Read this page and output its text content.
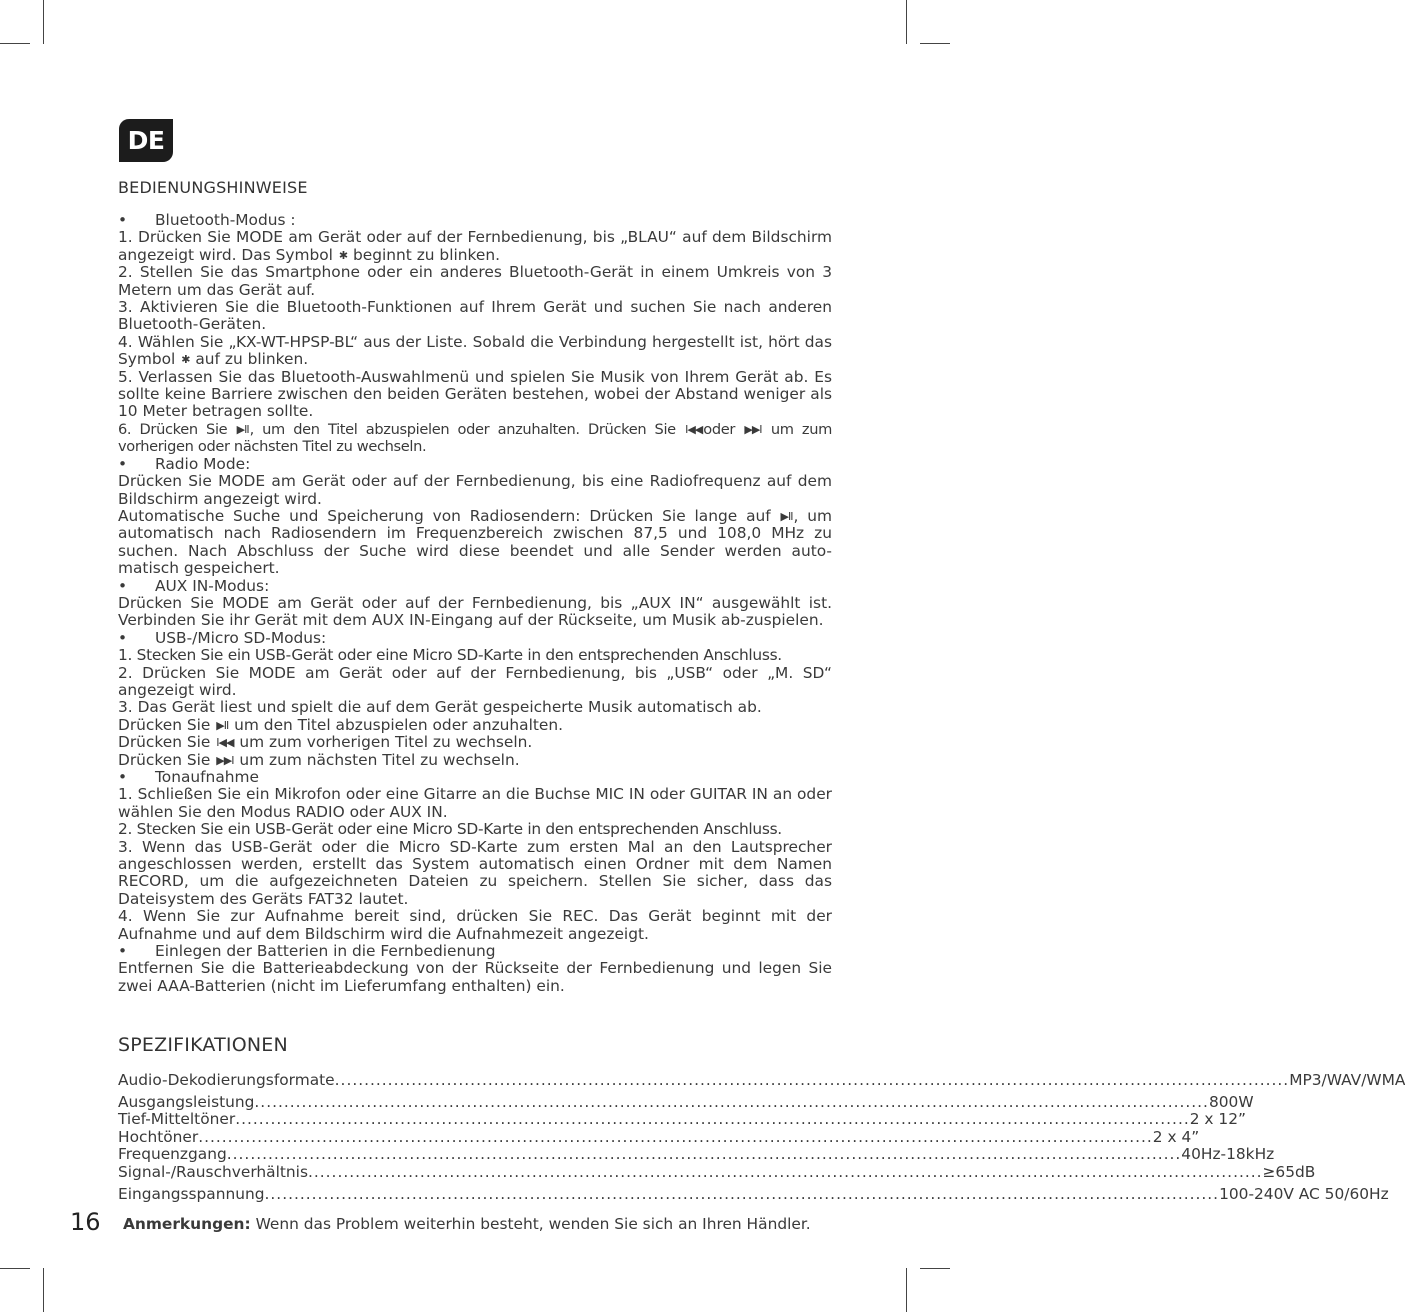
DE
BEDIENUNGSHINWEISE
•	Bluetooth-Modus :

1. Drücken Sie MODE am Gerät oder auf der Fernbedienung, bis „BLAU“ auf dem Bildschirm angezeigt wird. Das Symbol ✱ beginnt zu blinken.

2. Stellen Sie das Smartphone oder ein anderes Bluetooth-Gerät in einem Umkreis von 3 Metern um das Gerät auf.

3. Aktivieren Sie die Bluetooth-Funktionen auf Ihrem Gerät und suchen Sie nach anderen Bluetooth-Geräten.

4. Wählen Sie „KX-WT-HPSP-BL“ aus der Liste. Sobald die Verbindung hergestellt ist, hört das Symbol ✱ auf zu blinken.

5. Verlassen Sie das Bluetooth-Auswahlmenü und spielen Sie Musik von Ihrem Gerät ab. Es sollte keine Barriere zwischen den beiden Geräten bestehen, wobei der Abstand weniger als 10 Meter betragen sollte.

6. Drücken Sie ▶II, um den Titel abzuspielen oder anzuhalten. Drücken Sie I◀◀oder ▶▶I um zum vorherigen oder nächsten Titel zu wechseln.

•	Radio Mode:

Drücken Sie MODE am Gerät oder auf der Fernbedienung, bis eine Radiofrequenz auf dem Bildschirm angezeigt wird.

Automatische Suche und Speicherung von Radiosendern: Drücken Sie lange auf ▶II, um automatisch nach Radiosendern im Frequenzbereich zwischen 87,5 und 108,0 MHz zu suchen. Nach Abschluss der Suche wird diese beendet und alle Sender werden auto-matisch gespeichert.

•	AUX IN-Modus:

Drücken Sie MODE am Gerät oder auf der Fernbedienung, bis „AUX IN“ ausgewählt ist. Verbinden Sie ihr Gerät mit dem AUX IN-Eingang auf der Rückseite, um Musik ab-zuspielen.

•	USB-/Micro SD-Modus:

1. Stecken Sie ein USB-Gerät oder eine Micro SD-Karte in den entsprechenden Anschluss.

2. Drücken Sie MODE am Gerät oder auf der Fernbedienung, bis „USB“ oder „M. SD“ angezeigt wird.

3. Das Gerät liest und spielt die auf dem Gerät gespeicherte Musik automatisch ab.

Drücken Sie ▶II um den Titel abzuspielen oder anzuhalten.

Drücken Sie I◀◀ um zum vorherigen Titel zu wechseln.

Drücken Sie ▶▶I um zum nächsten Titel zu wechseln.

•	Tonaufnahme

1. Schließen Sie ein Mikrofon oder eine Gitarre an die Buchse MIC IN oder GUITAR IN an oder wählen Sie den Modus RADIO oder AUX IN.

2. Stecken Sie ein USB-Gerät oder eine Micro SD-Karte in den entsprechenden Anschluss.

3. Wenn das USB-Gerät oder die Micro SD-Karte zum ersten Mal an den Lautsprecher angeschlossen werden, erstellt das System automatisch einen Ordner mit dem Namen RECORD, um die aufgezeichneten Dateien zu speichern. Stellen Sie sicher, dass das Dateisystem des Geräts FAT32 lautet.

4. Wenn Sie zur Aufnahme bereit sind, drücken Sie REC. Das Gerät beginnt mit der Aufnahme und auf dem Bildschirm wird die Aufnahmezeit angezeigt.

•	Einlegen der Batterien in die Fernbedienung

Entfernen Sie die Batterieabdeckung von der Rückseite der Fernbedienung und legen Sie zwei AAA-Batterien (nicht im Lieferumfang enthalten) ein.

SPEZIFIKATIONEN
Audio-Dekodierungsformate .................................................................................................................................................................. MP3/WAV/WMA
Ausgangsleistung .................................................................................................................................................................. 800W
Tief-Mitteltöner .................................................................................................................................................................. 2 x 12”
Hochtöner .................................................................................................................................................................. 2 x 4”
Frequenzgang .................................................................................................................................................................. 40Hz-18kHz
Signal-/Rauschverhältnis .................................................................................................................................................................. ≥65dB
Eingangsspannung .................................................................................................................................................................. 100-240V AC 50/60Hz
16 Anmerkungen: Wenn das Problem weiterhin besteht, wenden Sie sich an Ihren Händler.
